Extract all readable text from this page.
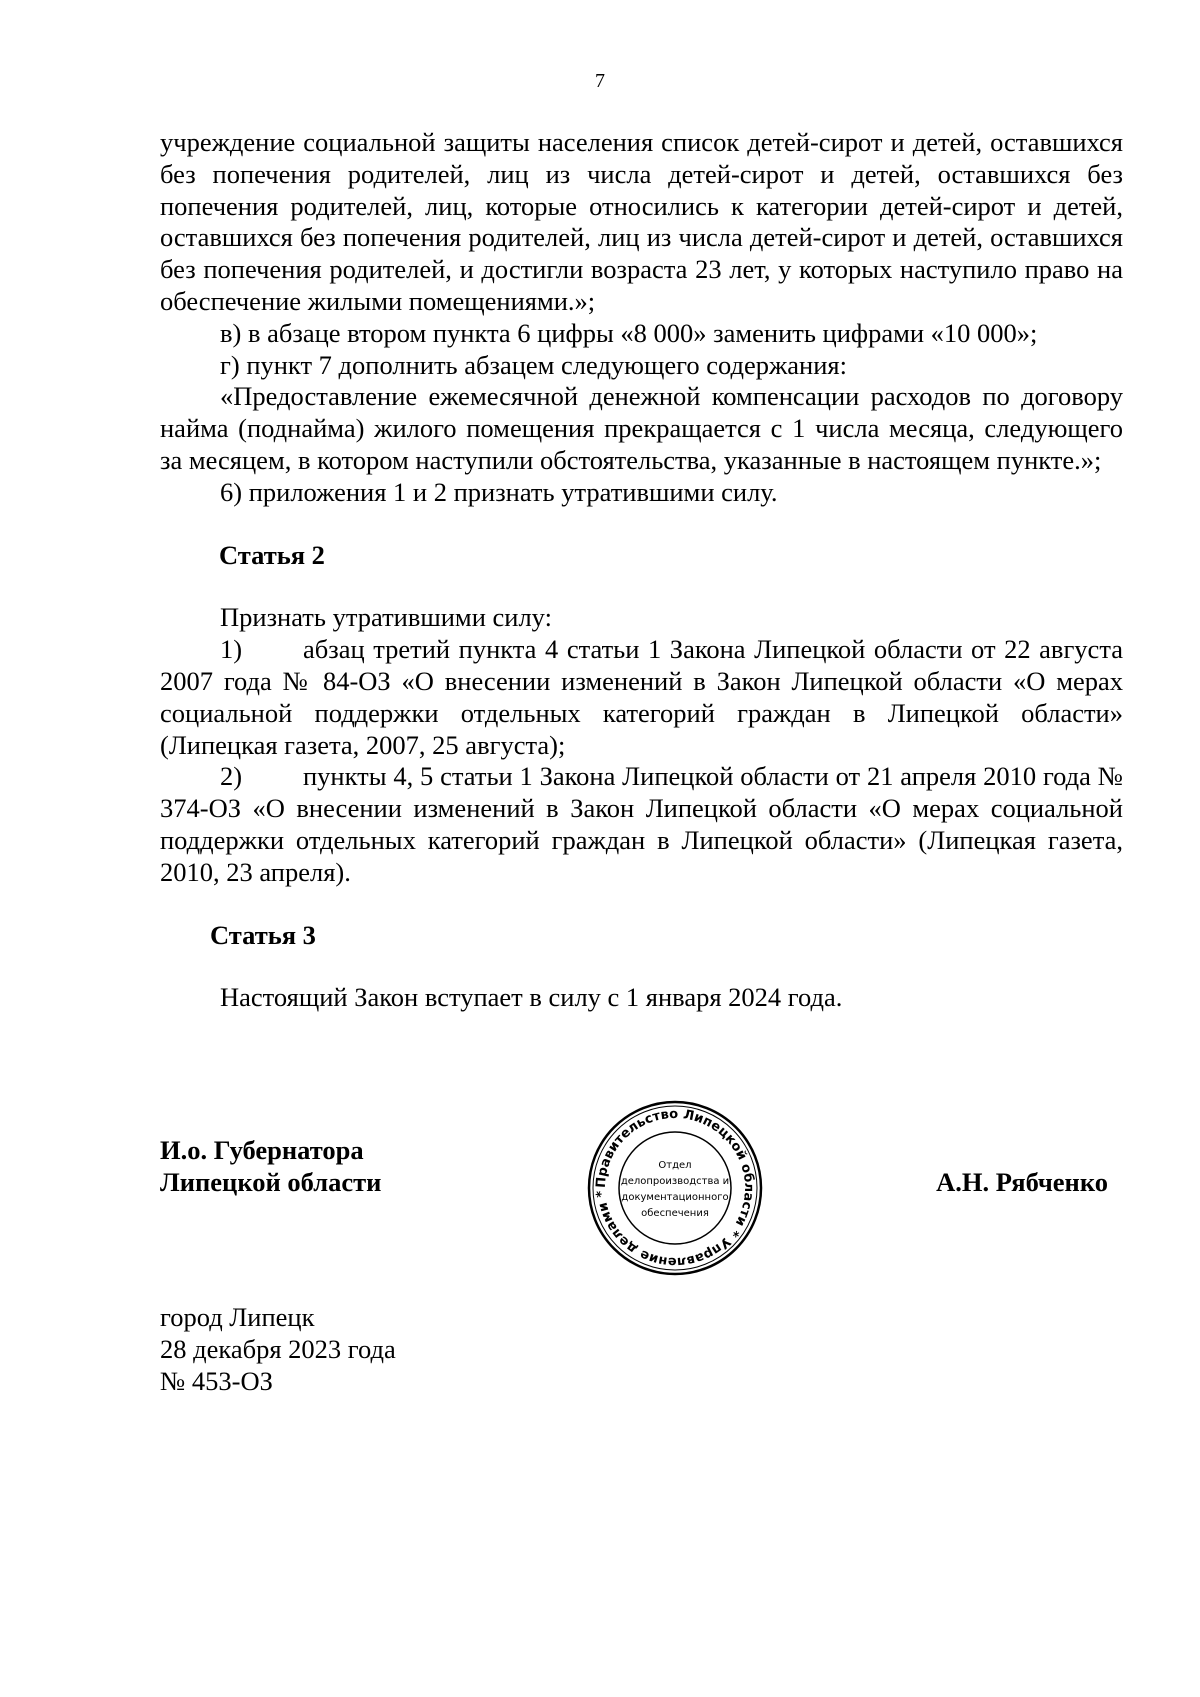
7

учреждение социальной защиты населения список детей-сирот и детей, оставшихся без попечения родителей, лиц из числа детей-сирот и детей, оставшихся без попечения родителей, лиц, которые относились к категории детей-сирот и детей, оставшихся без попечения родителей, лиц из числа детей-сирот и детей, оставшихся без попечения родителей, и достигли возраста 23 лет, у которых наступило право на обеспечение жилыми помещениями.»;

в) в абзаце втором пункта 6 цифры «8 000» заменить цифрами «10 000»;

г) пункт 7 дополнить абзацем следующего содержания:

«Предоставление ежемесячной денежной компенсации расходов по договору найма (поднайма) жилого помещения прекращается с 1 числа месяца, следующего за месяцем, в котором наступили обстоятельства, указанные в настоящем пункте.»;

6) приложения 1 и 2 признать утратившими силу.

Статья 2

Признать утратившими силу:

1) абзац третий пункта 4 статьи 1 Закона Липецкой области от 22 августа 2007 года № 84-ОЗ «О внесении изменений в Закон Липецкой области «О мерах социальной поддержки отдельных категорий граждан в Липецкой области» (Липецкая газета, 2007, 25 августа);

2) пункты 4, 5 статьи 1 Закона Липецкой области от 21 апреля 2010 года № 374-ОЗ «О внесении изменений в Закон Липецкой области «О мерах социальной поддержки отдельных категорий граждан в Липецкой области» (Липецкая газета, 2010, 23 апреля).

Статья 3

Настоящий Закон вступает в силу с 1 января 2024 года.

И.о. Губернатора
Липецкой области	А.Н. Рябченко
Правительство Липецкой области * Управление делами *
Отдел
делопроизводства и
документационного
обеспечения
город Липецк
28 декабря 2023 года
№ 453-ОЗ
